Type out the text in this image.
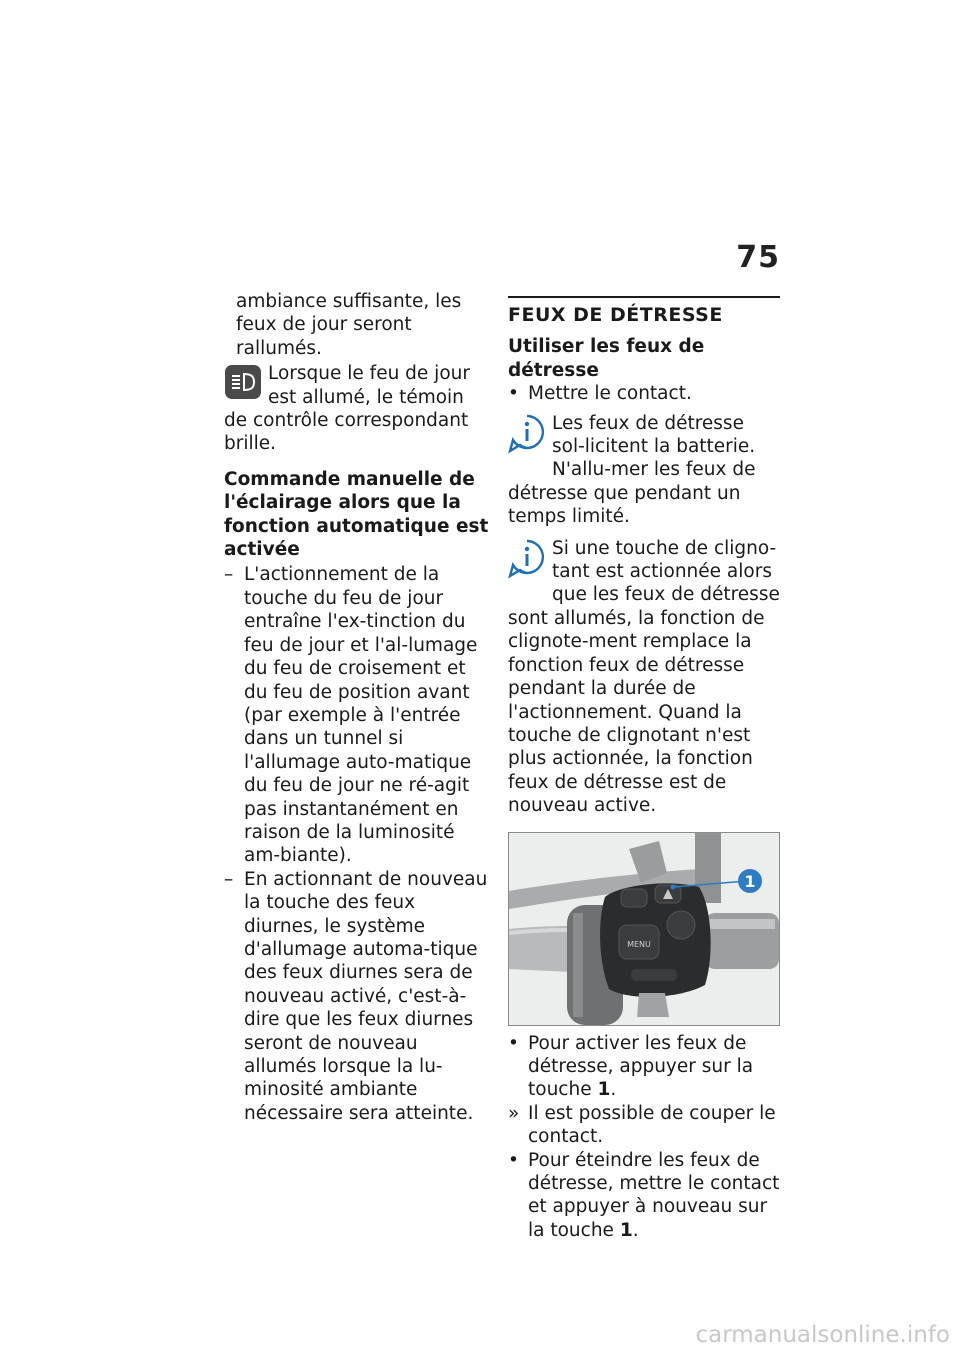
75

ambiance suffisante, les feux de jour seront rallumés.

Lorsque le feu de jour est allumé, le témoin de contrôle correspondant brille.

Commande manuelle de l'éclairage alors que la fonction automatique est activée
– L'actionnement de la touche du feu de jour entraîne l'ex-tinction du feu de jour et l'al-lumage du feu de croisement et du feu de position avant (par exemple à l'entrée dans un tunnel si l'allumage auto-matique du feu de jour ne ré-agit pas instantanément en raison de la luminosité am-biante).
– En actionnant de nouveau la touche des feux diurnes, le système d'allumage automa-tique des feux diurnes sera de nouveau activé, c'est-à-dire que les feux diurnes seront de nouveau allumés lorsque la lu-minosité ambiante nécessaire sera atteinte.
FEUX DE DÉTRESSE

Utiliser les feux de détresse

• Mettre le contact.

Les feux de détresse sol-licitent la batterie. N'allu-mer les feux de détresse que pendant un temps limité.

Si une touche de cligno-tant est actionnée alors que les feux de détresse sont allumés, la fonction de clignote-ment remplace la fonction feux de détresse pendant la durée de l'actionnement. Quand la touche de clignotant n'est plus actionnée, la fonction feux de détresse est de nouveau active.

MENU
1
• Pour activer les feux de détresse, appuyer sur la touche 1.
» Il est possible de couper le contact.
• Pour éteindre les feux de détresse, mettre le contact et appuyer à nouveau sur la touche 1.
carmanualsonline.info
